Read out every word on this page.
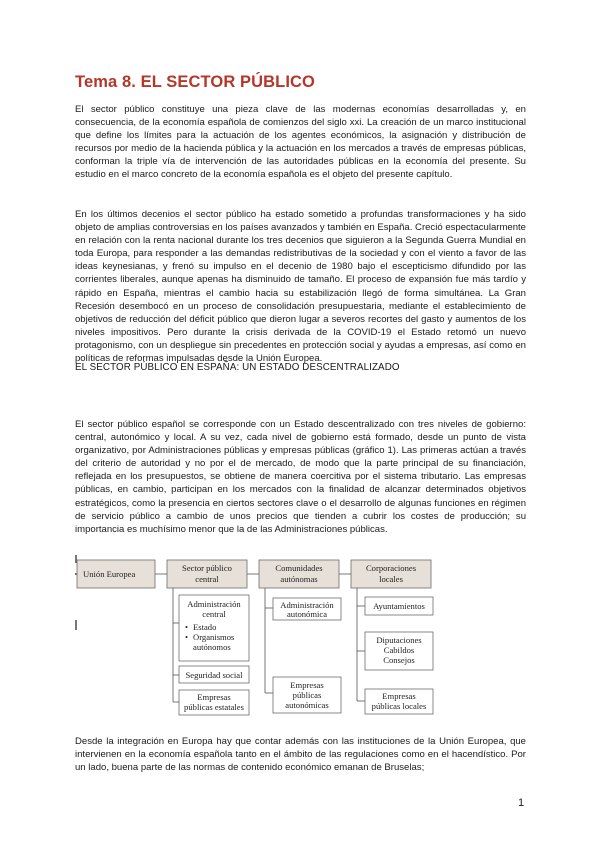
Tema 8. EL SECTOR PÚBLICO

El sector público constituye una pieza clave de las modernas economías desarrolladas y, en consecuencia, de la economía española de comienzos del siglo xxi. La creación de un marco institucional que define los límites para la actuación de los agentes económicos, la asignación y distribución de recursos por medio de la hacienda pública y la actuación en los mercados a través de empresas públicas, conforman la triple vía de intervención de las autoridades públicas en la economía del presente. Su estudio en el marco concreto de la economía española es el objeto del presente capítulo.

En los últimos decenios el sector público ha estado sometido a profundas transformaciones y ha sido objeto de amplias controversias en los países avanzados y también en España. Creció espectacularmente en relación con la renta nacional durante los tres decenios que siguieron a la Segunda Guerra Mundial en toda Europa, para responder a las demandas redistributivas de la sociedad y con el viento a favor de las ideas keynesianas, y frenó su impulso en el decenio de 1980 bajo el escepticismo difundido por las corrientes liberales, aunque apenas ha disminuido de tamaño. El proceso de expansión fue más tardío y rápido en España, mientras el cambio hacia su estabilización llegó de forma simultánea. La Gran Recesión desembocó en un proceso de consolidación presupuestaria, mediante el establecimiento de objetivos de reducción del déficit público que dieron lugar a severos recortes del gasto y aumentos de los niveles impositivos. Pero durante la crisis derivada de la COVID-19 el Estado retomó un nuevo protagonismo, con un despliegue sin precedentes en protección social y ayudas a empresas, así como en políticas de reformas impulsadas desde la Unión Europea.

EL SECTOR PÚBLICO EN ESPAÑA: UN ESTADO DESCENTRALIZADO

El sector público español se corresponde con un Estado descentralizado con tres niveles de gobierno: central, autonómico y local. A su vez, cada nivel de gobierno está formado, desde un punto de vista organizativo, por Administraciones públicas y empresas públicas (gráfico 1). Las primeras actúan a través del criterio de autoridad y no por el de mercado, de modo que la parte principal de su financiación, reflejada en los presupuestos, se obtiene de manera coercitiva por el sistema tributario. Las empresas públicas, en cambio, participan en los mercados con la finalidad de alcanzar determinados objetivos estratégicos, como la presencia en ciertos sectores clave o el desarrollo de algunas funciones en régimen de servicio público a cambio de unos precios que tienden a cubrir los costes de producción; su importancia es muchísimo menor que la de las Administraciones públicas.

Unión Europea
Sector público
central
Comunidades
autónomas
Corporaciones
locales
Administración
central
• Estado
• Organismos
autónomos
Seguridad social
Empresas
públicas estatales
Administración
autonómica
Empresas
públicas
autonómicas
Ayuntamientos
Diputaciones
Cabildos
Consejos
Empresas
públicas locales

Desde la integración en Europa hay que contar además con las instituciones de la Unión Europea, que intervienen en la economía española tanto en el ámbito de las regulaciones como en el hacendístico. Por un lado, buena parte de las normas de contenido económico emanan de Bruselas;

1
